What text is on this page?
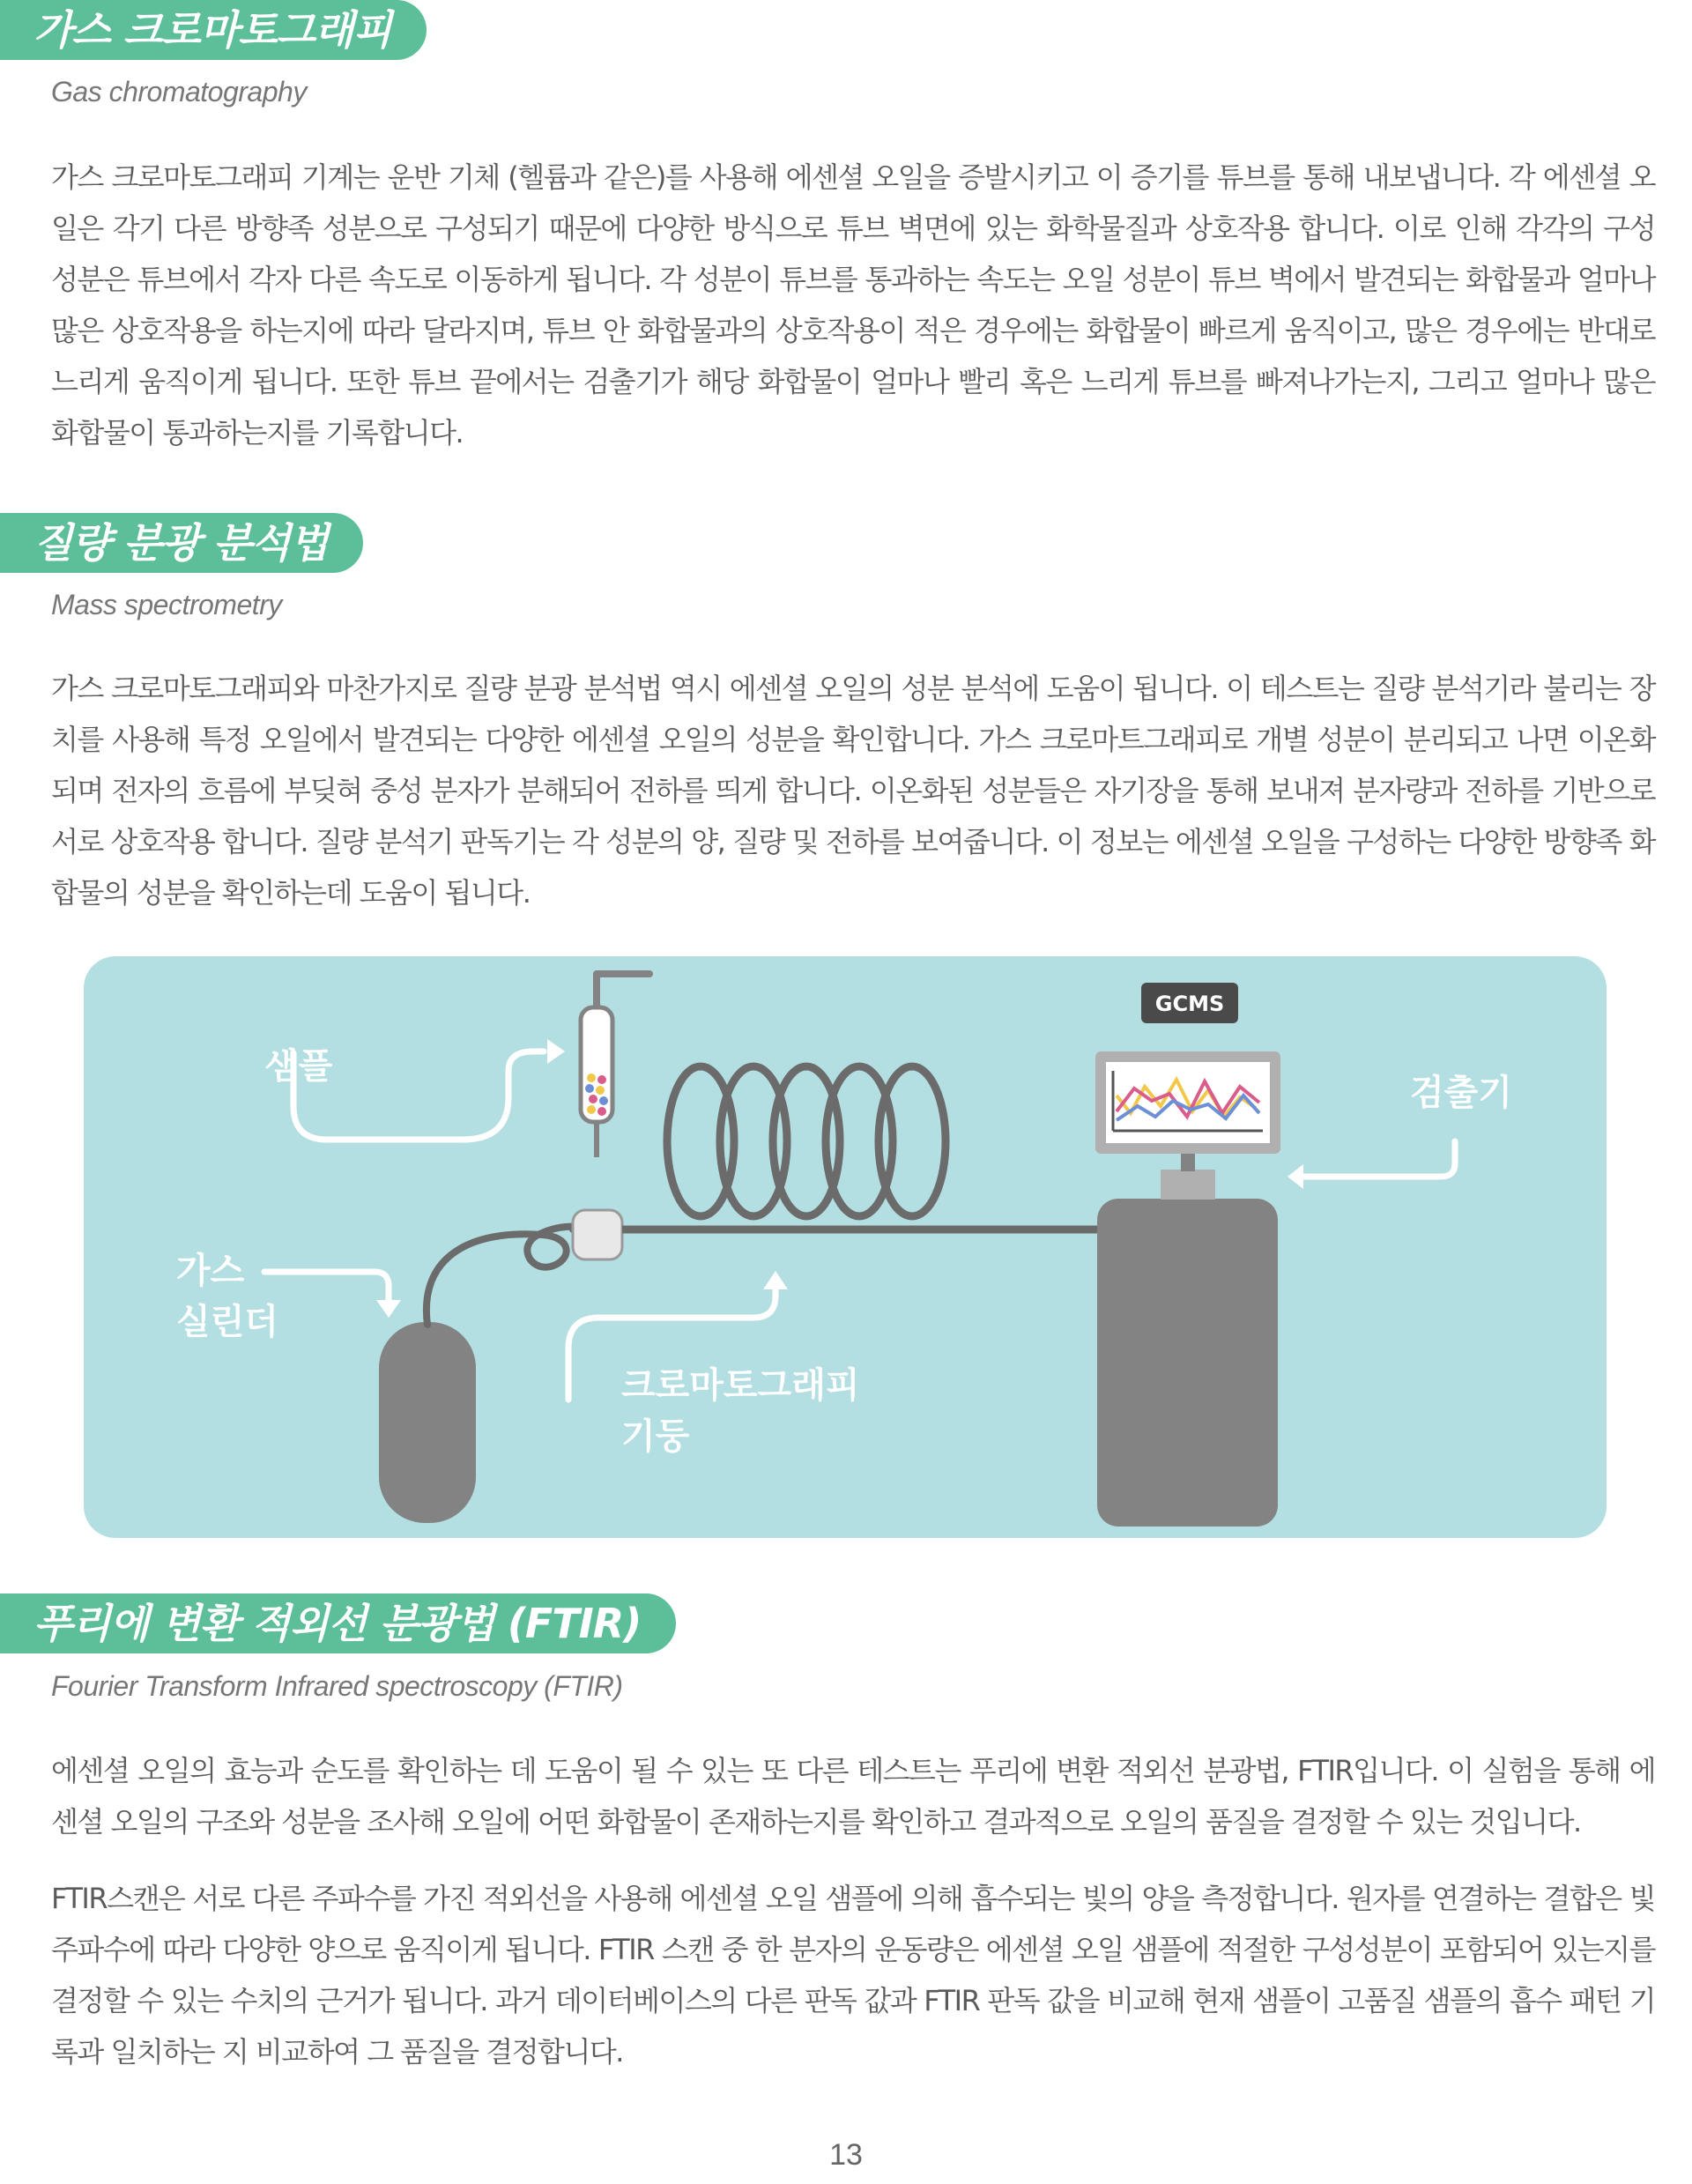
가스 크로마토그래피
Gas chromatography

가스 크로마토그래피 기계는 운반 기체 (헬륨과 같은)를 사용해 에센셜 오일을 증발시키고 이 증기를 튜브를 통해 내보냅니다. 각 에센셜 오일은 각기 다른 방향족 성분으로 구성되기 때문에 다양한 방식으로 튜브 벽면에 있는 화학물질과 상호작용 합니다. 이로 인해 각각의 구성 성분은 튜브에서 각자 다른 속도로 이동하게 됩니다. 각 성분이 튜브를 통과하는 속도는 오일 성분이 튜브 벽에서 발견되는 화합물과 얼마나 많은 상호작용을 하는지에 따라 달라지며, 튜브 안 화합물과의 상호작용이 적은 경우에는 화합물이 빠르게 움직이고, 많은 경우에는 반대로 느리게 움직이게 됩니다. 또한 튜브 끝에서는 검출기가 해당 화합물이 얼마나 빨리 혹은 느리게 튜브를 빠져나가는지, 그리고 얼마나 많은 화합물이 통과하는지를 기록합니다.

질량 분광 분석법
Mass spectrometry

가스 크로마토그래피와 마찬가지로 질량 분광 분석법 역시 에센셜 오일의 성분 분석에 도움이 됩니다. 이 테스트는 질량 분석기라 불리는 장치를 사용해 특정 오일에서 발견되는 다양한 에센셜 오일의 성분을 확인합니다. 가스 크로마트그래피로 개별 성분이 분리되고 나면 이온화되며 전자의 흐름에 부딪혀 중성 분자가 분해되어 전하를 띄게 합니다. 이온화된 성분들은 자기장을 통해 보내져 분자량과 전하를 기반으로 서로 상호작용 합니다. 질량 분석기 판독기는 각 성분의 양, 질량 및 전하를 보여줍니다. 이 정보는 에센셜 오일을 구성하는 다양한 방향족 화합물의 성분을 확인하는데 도움이 됩니다.

GCMS
샘플
가스
실린더
크로마토그래피
기둥
검출기
푸리에 변환 적외선 분광법 (FTIR)
Fourier Transform Infrared spectroscopy (FTIR)

에센셜 오일의 효능과 순도를 확인하는 데 도움이 될 수 있는 또 다른 테스트는 푸리에 변환 적외선 분광법, FTIR입니다. 이 실험을 통해 에센셜 오일의 구조와 성분을 조사해 오일에 어떤 화합물이 존재하는지를 확인하고 결과적으로 오일의 품질을 결정할 수 있는 것입니다.

FTIR스캔은 서로 다른 주파수를 가진 적외선을 사용해 에센셜 오일 샘플에 의해 흡수되는 빛의 양을 측정합니다. 원자를 연결하는 결합은 빛 주파수에 따라 다양한 양으로 움직이게 됩니다. FTIR 스캔 중 한 분자의 운동량은 에센셜 오일 샘플에 적절한 구성성분이 포함되어 있는지를 결정할 수 있는 수치의 근거가 됩니다. 과거 데이터베이스의 다른 판독 값과 FTIR 판독 값을 비교해 현재 샘플이 고품질 샘플의 흡수 패턴 기록과 일치하는 지 비교하여 그 품질을 결정합니다.

13
